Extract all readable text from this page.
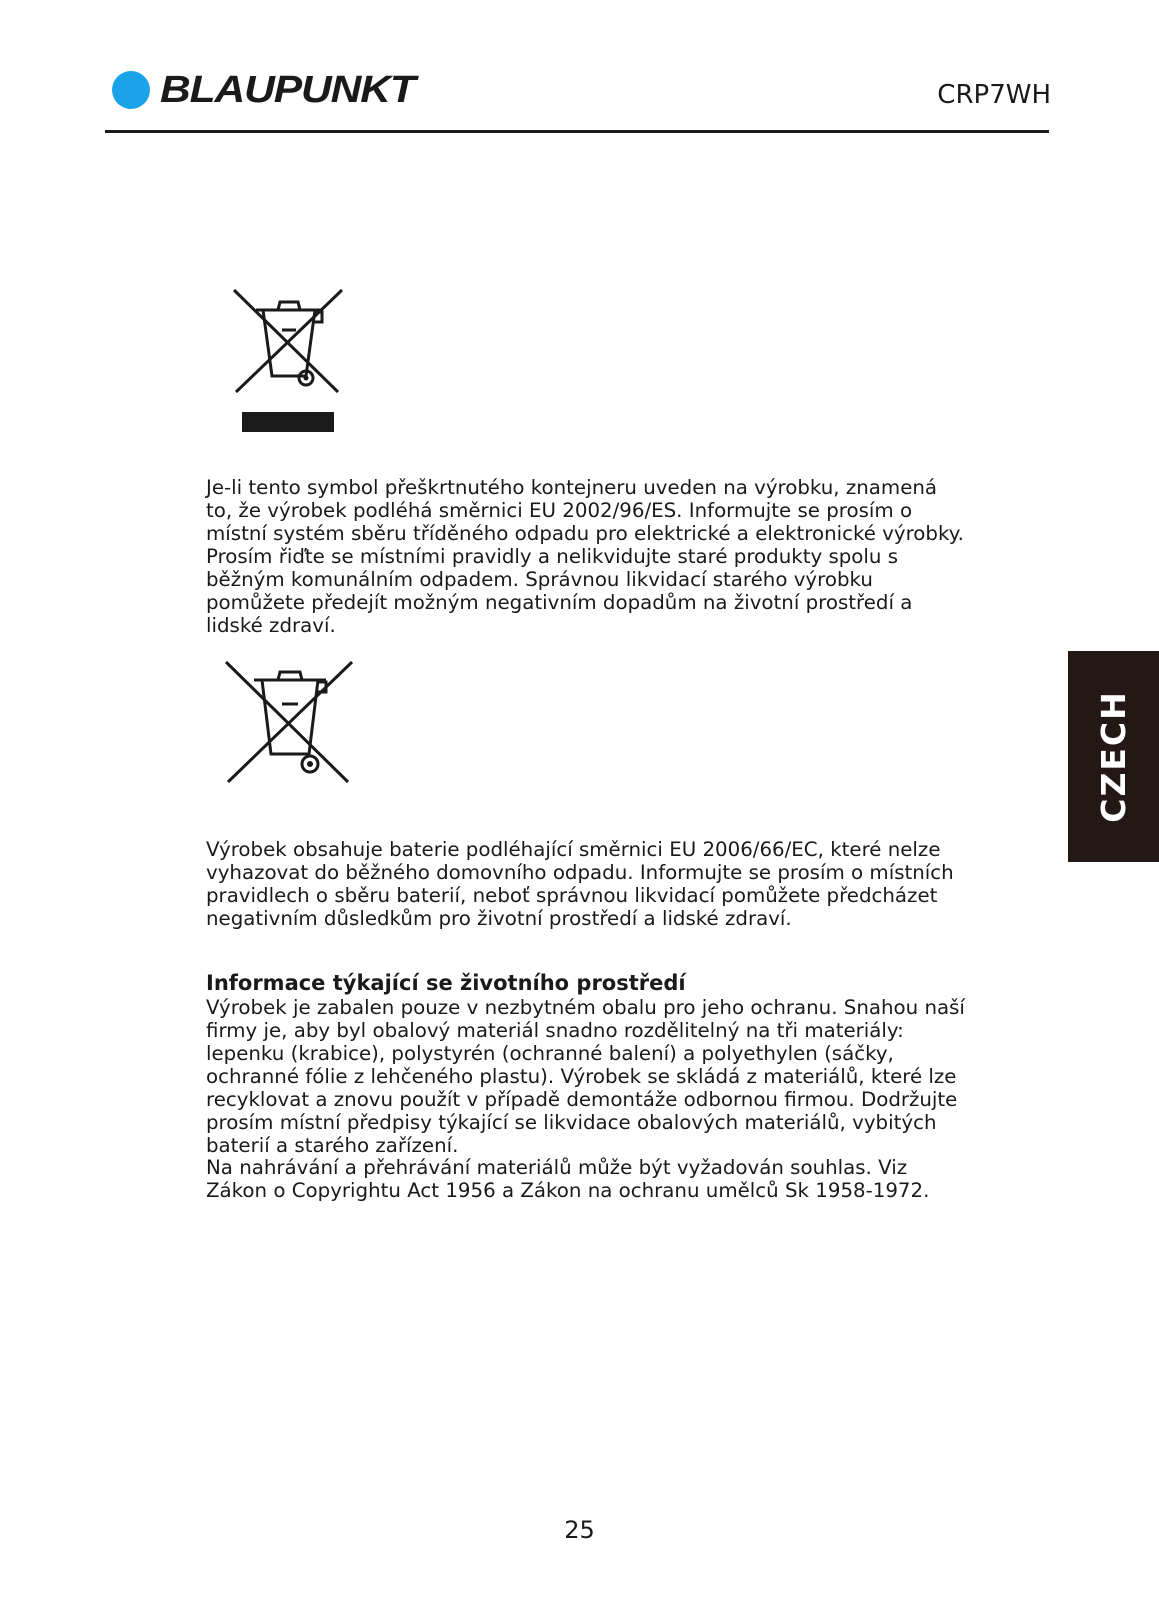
BLAUPUNKT	CRP7WH

Je-li tento symbol přeškrtnutého kontejneru uveden na výrobku, znamená to, že výrobek podléhá směrnici EU 2002/96/ES. Informujte se prosím o místní systém sběru tříděného odpadu pro elektrické a elektronické výrobky. Prosím řiďte se místními pravidly a nelikvidujte staré produkty spolu s běžným komunálním odpadem. Správnou likvidací starého výrobku pomůžete předejít možným negativním dopadům na životní prostředí a lidské zdraví.

Výrobek obsahuje baterie podléhající směrnici EU 2006/66/EC, které nelze vyhazovat do běžného domovního odpadu. Informujte se prosím o místních pravidlech o sběru baterií, neboť správnou likvidací pomůžete předcházet negativním důsledkům pro životní prostředí a lidské zdraví.

Informace týkající se životního prostředí

Výrobek je zabalen pouze v nezbytném obalu pro jeho ochranu. Snahou naší firmy je, aby byl obalový materiál snadno rozdělitelný na tři materiály: lepenku (krabice), polystyrén (ochranné balení) a polyethylen (sáčky, ochranné fólie z lehčeného plastu). Výrobek se skládá z materiálů, které lze recyklovat a znovu použít v případě demontáže odbornou firmou. Dodržujte prosím místní předpisy týkající se likvidace obalových materiálů, vybitých baterií a starého zařízení.

Na nahrávání a přehrávání materiálů může být vyžadován souhlas. Viz Zákon o Copyrightu Act 1956 a Zákon na ochranu umělců Sk 1958-1972.

CZECH
25
